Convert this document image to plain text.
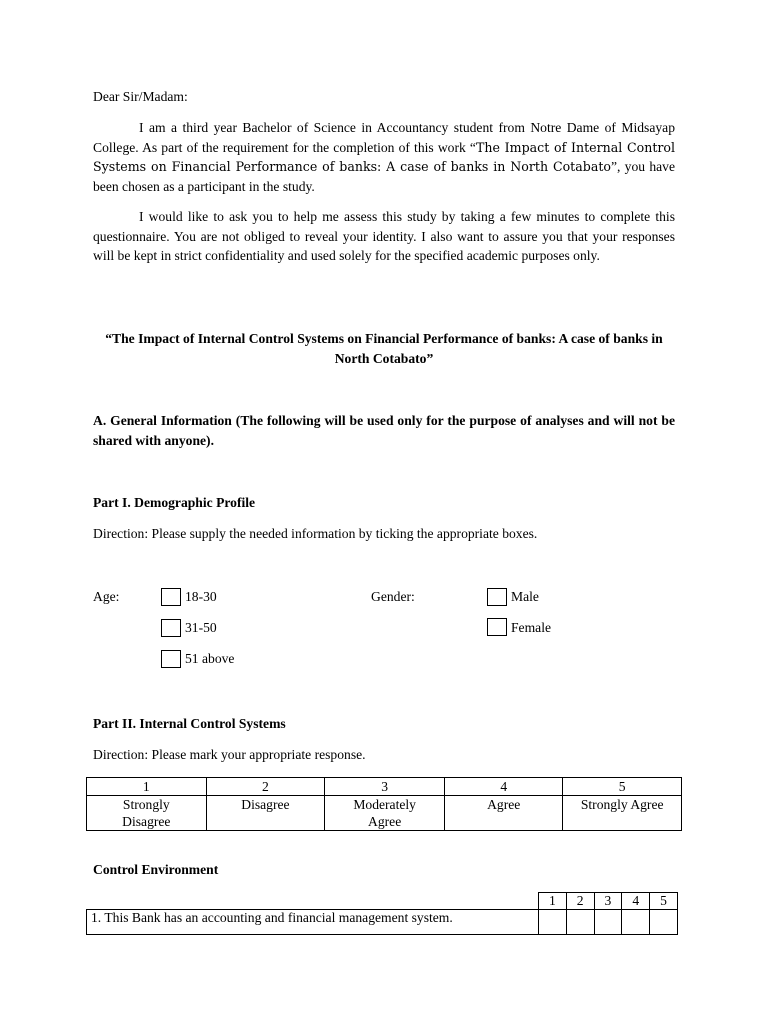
Dear Sir/Madam:

I am a third year Bachelor of Science in Accountancy student from Notre Dame of Midsayap College. As part of the requirement for the completion of this work “The Impact of Internal Control Systems on Financial Performance of banks: A case of banks in North Cotabato”, you have been chosen as a participant in the study.

I would like to ask you to help me assess this study by taking a few minutes to complete this questionnaire. You are not obliged to reveal your identity. I also want to assure you that your responses will be kept in strict confidentiality and used solely for the specified academic purposes only.

“The Impact of Internal Control Systems on Financial Performance of banks: A case of banks in North Cotabato”

A. General Information (The following will be used only for the purpose of analyses and will not be shared with anyone).

Part I. Demographic Profile

Direction: Please supply the needed information by ticking the appropriate boxes.

Age:	18-30
31-50
51 above
Gender:	Male
Female

Part II. Internal Control Systems

Direction: Please mark your appropriate response.

1	2	3	4	5
Strongly Disagree	Disagree	Moderately Agree	Agree	Strongly Agree

Control Environment

	1	2	3	4	5
1. This Bank has an accounting and financial management system.					
